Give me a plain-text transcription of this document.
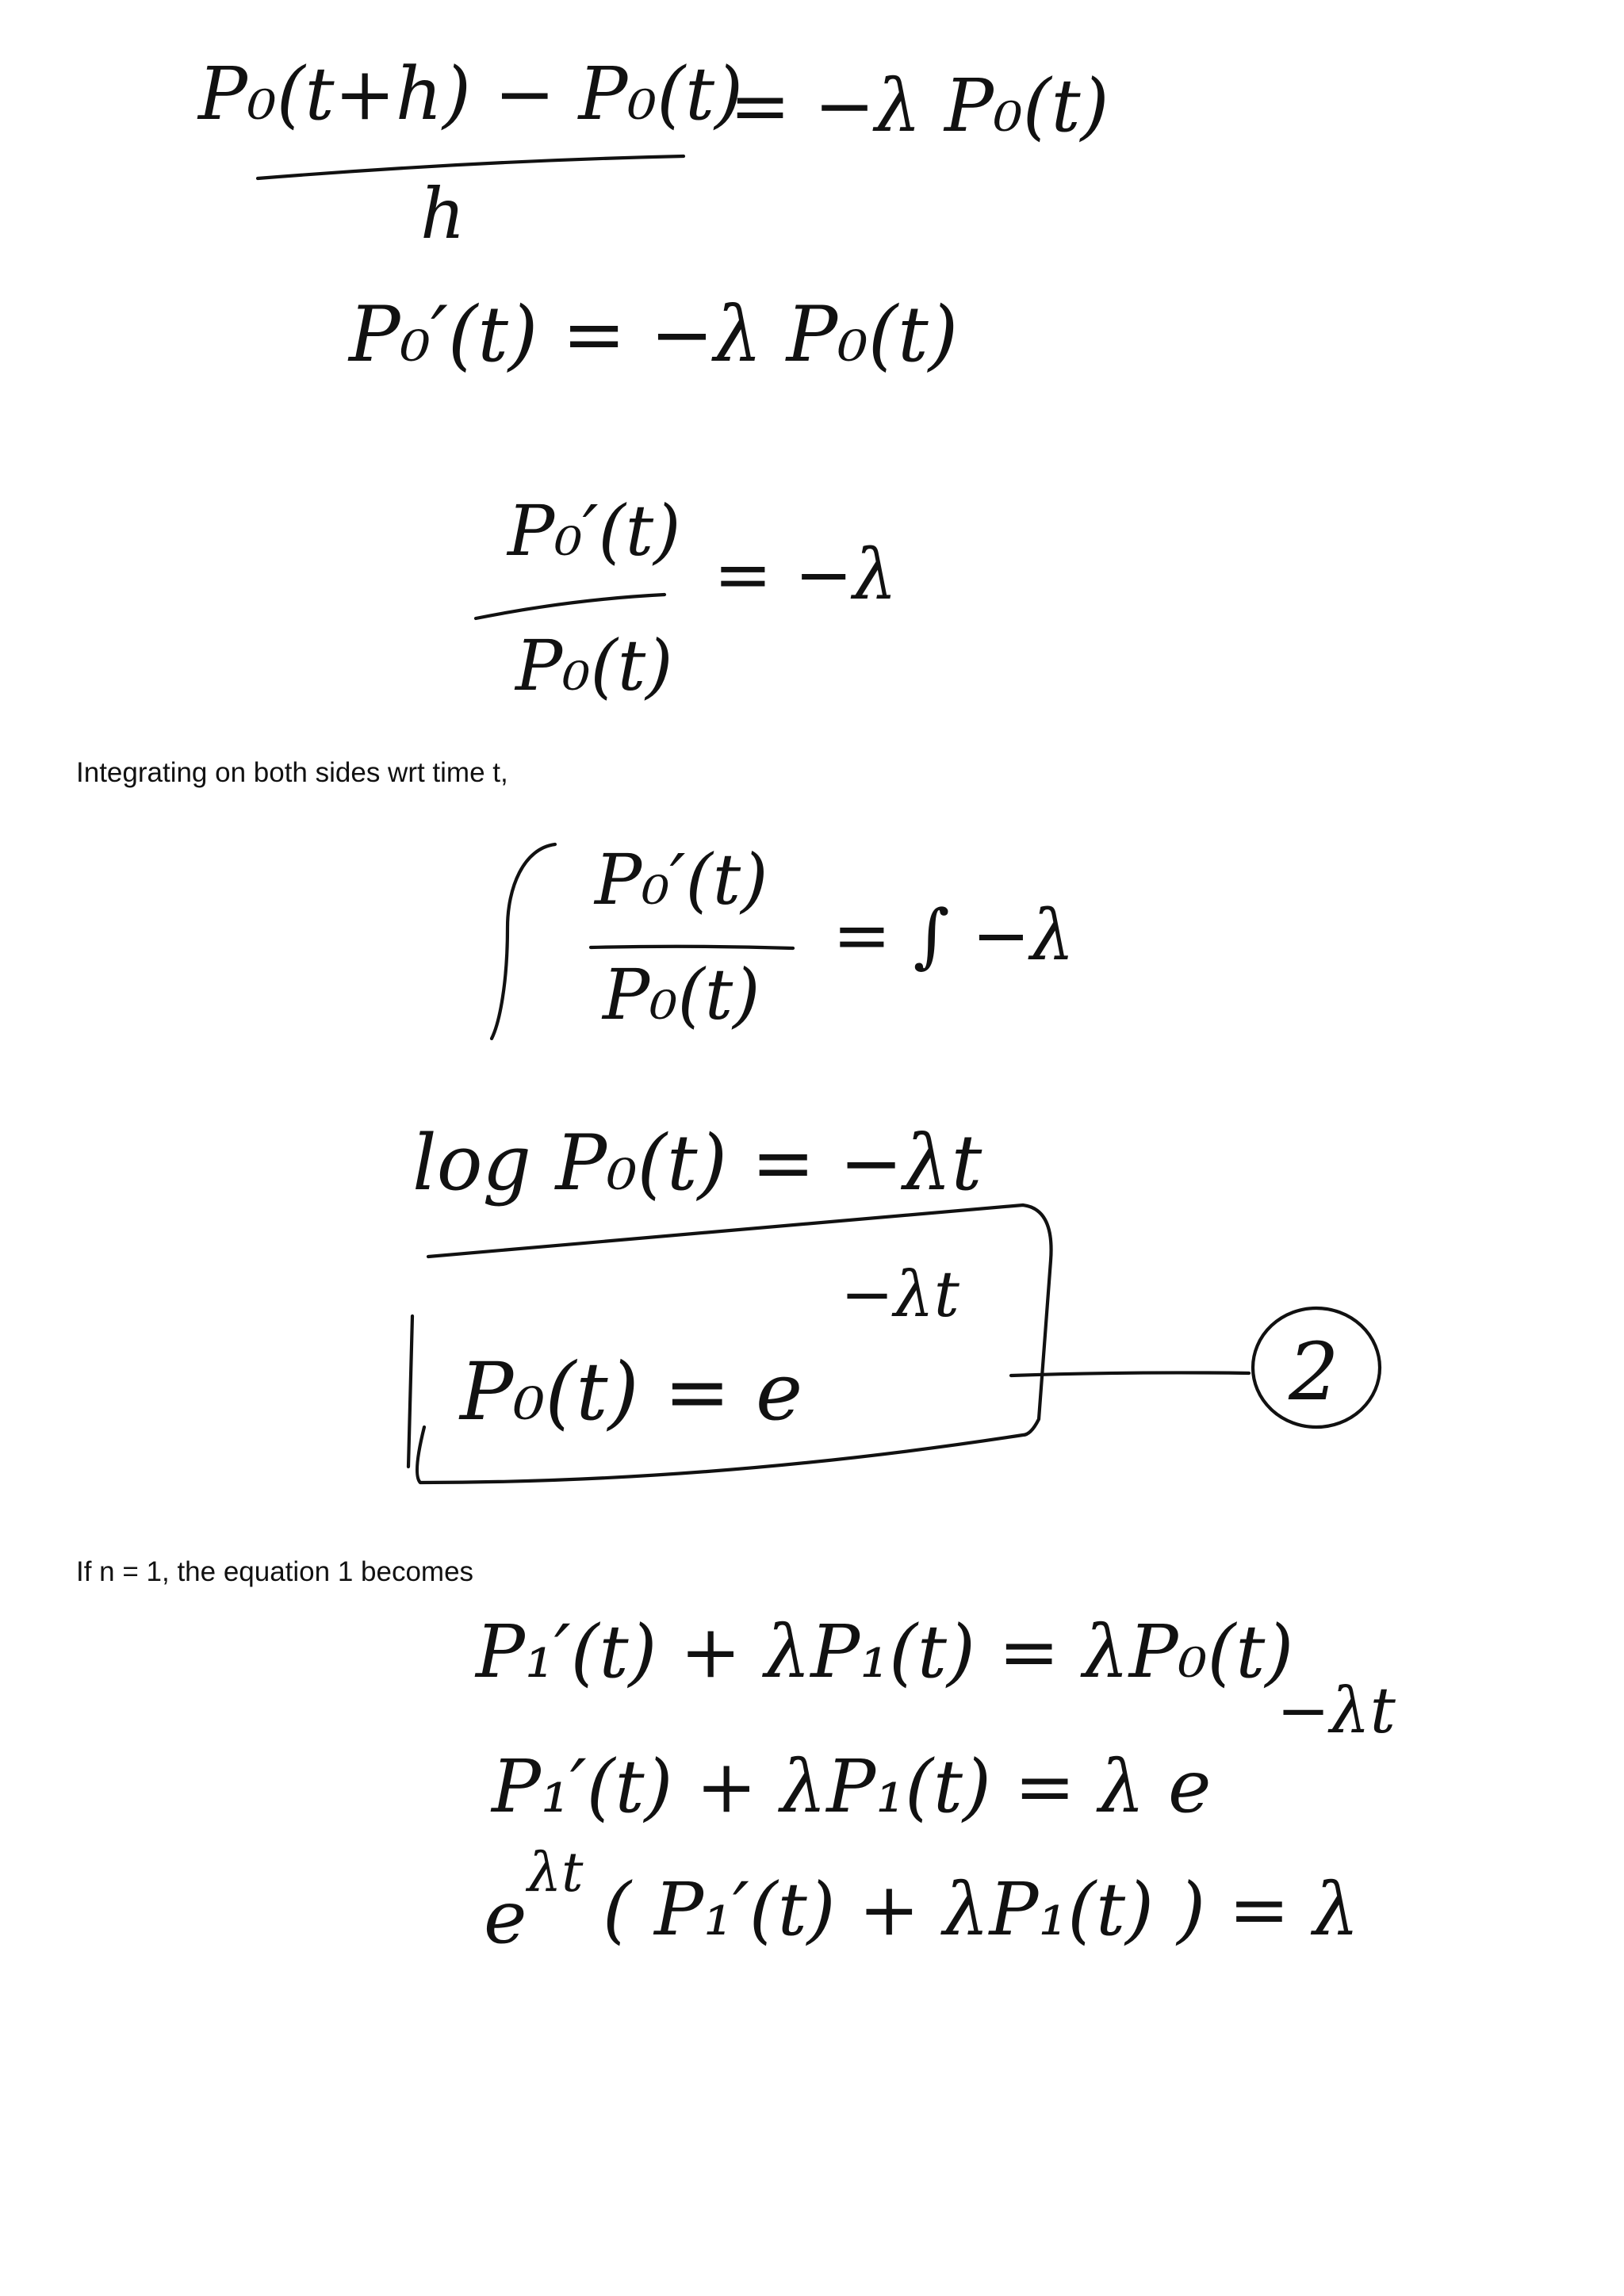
P₀(t+h) − P₀(t)
h
= −λ P₀(t)
P₀′(t) = −λ P₀(t)
P₀′(t)
P₀(t)
= −λ
P₀′(t)
P₀(t)
= ∫ −λ
log P₀(t) = −λt
P₀(t) = e
−λt
2
P₁′(t) + λP₁(t) = λP₀(t)
P₁′(t) + λP₁(t) = λ e
−λt
e
λt ( P₁′(t) + λP₁(t) ) = λ
Integrating on both sides wrt time t,
If n = 1, the equation 1 becomes
